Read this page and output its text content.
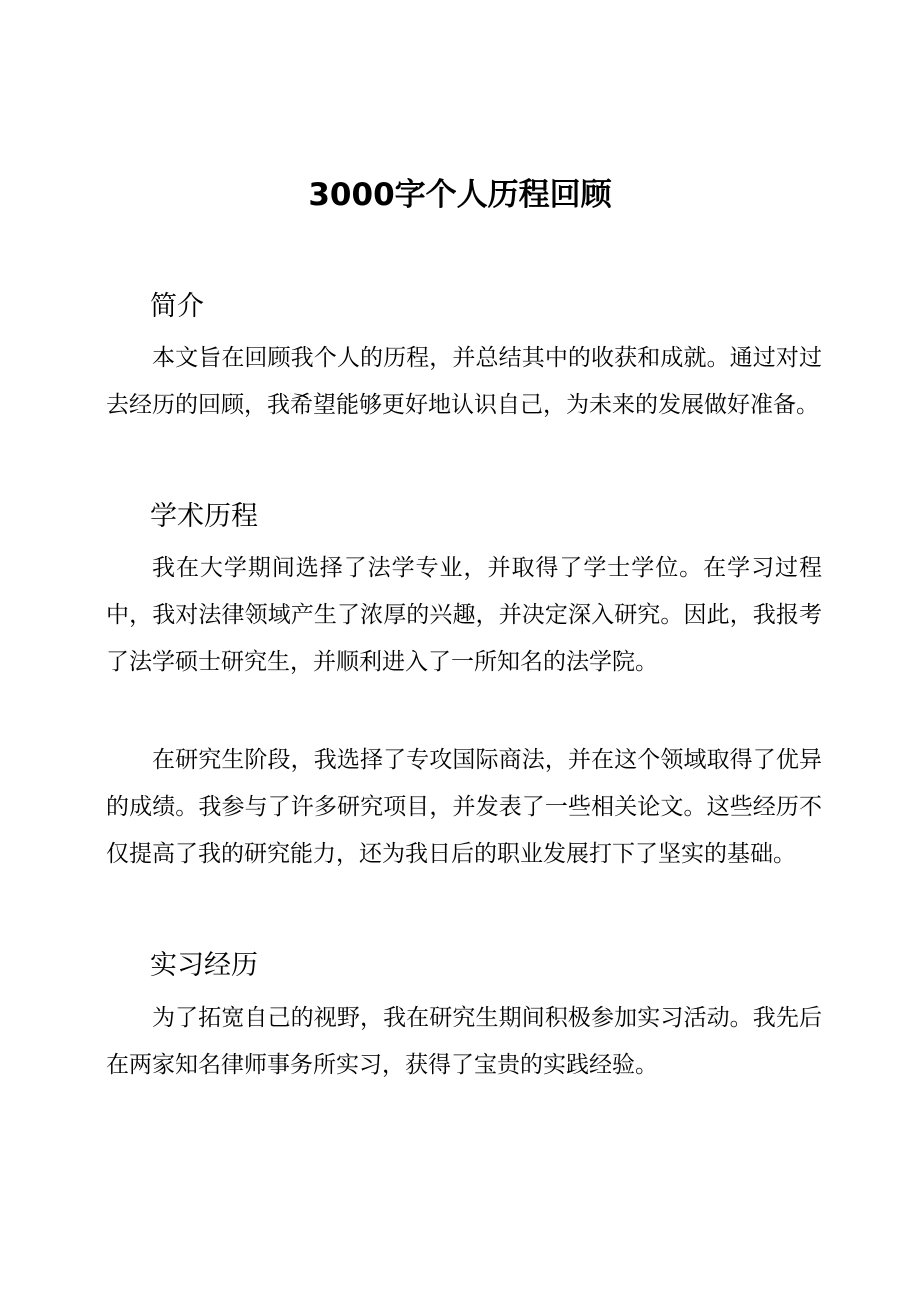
3000字个人历程回顾
简介

本文旨在回顾我个人的历程，并总结其中的收获和成就。通过对过去经历的回顾，我希望能够更好地认识自己，为未来的发展做好准备。

学术历程

我在大学期间选择了法学专业，并取得了学士学位。在学习过程中，我对法律领域产生了浓厚的兴趣，并决定深入研究。因此，我报考了法学硕士研究生，并顺利进入了一所知名的法学院。

在研究生阶段，我选择了专攻国际商法，并在这个领域取得了优异的成绩。我参与了许多研究项目，并发表了一些相关论文。这些经历不仅提高了我的研究能力，还为我日后的职业发展打下了坚实的基础。

实习经历

为了拓宽自己的视野，我在研究生期间积极参加实习活动。我先后在两家知名律师事务所实习，获得了宝贵的实践经验。
